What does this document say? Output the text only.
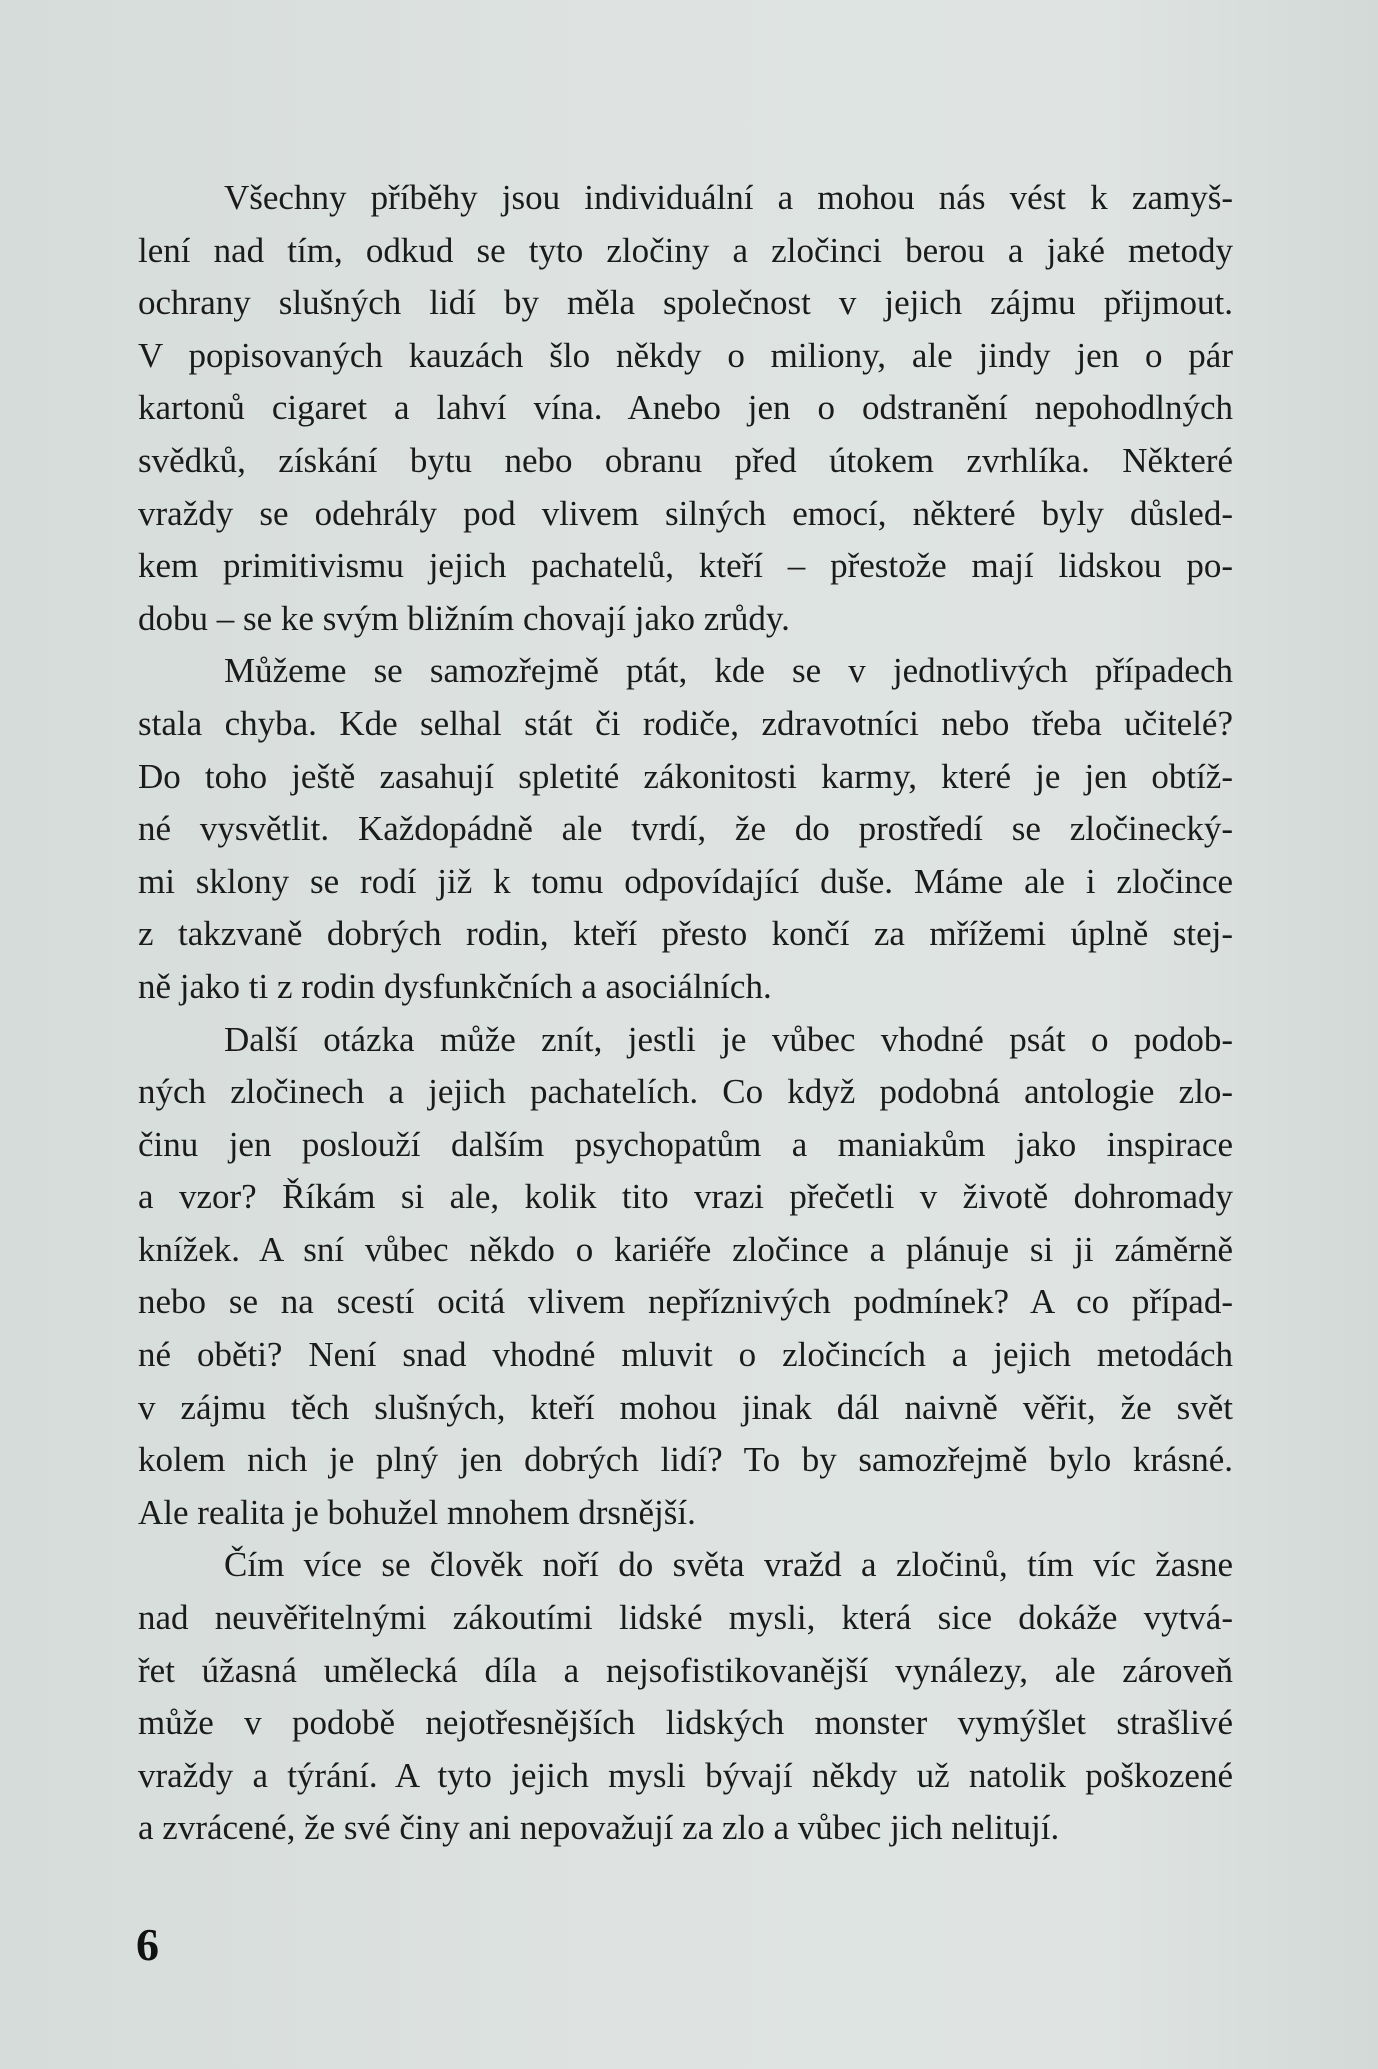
Všechny příběhy jsou individuální a mohou nás vést k zamyš-
lení nad tím, odkud se tyto zločiny a zločinci berou a jaké metody
ochrany slušných lidí by měla společnost v jejich zájmu přijmout.
V popisovaných kauzách šlo někdy o miliony, ale jindy jen o pár
kartonů cigaret a lahví vína. Anebo jen o odstranění nepohodlných
svědků, získání bytu nebo obranu před útokem zvrhlíka. Některé
vraždy se odehrály pod vlivem silných emocí, některé byly důsled-
kem primitivismu jejich pachatelů, kteří – přestože mají lidskou po-
dobu – se ke svým bližním chovají jako zrůdy.
Můžeme se samozřejmě ptát, kde se v jednotlivých případech
stala chyba. Kde selhal stát či rodiče, zdravotníci nebo třeba učitelé?
Do toho ještě zasahují spletité zákonitosti karmy, které je jen obtíž-
né vysvětlit. Každopádně ale tvrdí, že do prostředí se zločinecký-
mi sklony se rodí již k tomu odpovídající duše. Máme ale i zločince
z takzvaně dobrých rodin, kteří přesto končí za mřížemi úplně stej-
ně jako ti z rodin dysfunkčních a asociálních.
Další otázka může znít, jestli je vůbec vhodné psát o podob-
ných zločinech a jejich pachatelích. Co když podobná antologie zlo-
činu jen poslouží dalším psychopatům a maniakům jako inspirace
a vzor? Říkám si ale, kolik tito vrazi přečetli v životě dohromady
knížek. A sní vůbec někdo o kariéře zločince a plánuje si ji záměrně
nebo se na scestí ocitá vlivem nepříznivých podmínek? A co případ-
né oběti? Není snad vhodné mluvit o zločincích a jejich metodách
v zájmu těch slušných, kteří mohou jinak dál naivně věřit, že svět
kolem nich je plný jen dobrých lidí? To by samozřejmě bylo krásné.
Ale realita je bohužel mnohem drsnější.
Čím více se člověk noří do světa vražd a zločinů, tím víc žasne
nad neuvěřitelnými zákoutími lidské mysli, která sice dokáže vytvá-
řet úžasná umělecká díla a nejsofistikovanější vynálezy, ale zároveň
může v podobě nejotřesnějších lidských monster vymýšlet strašlivé
vraždy a týrání. A tyto jejich mysli bývají někdy už natolik poškozené
a zvrácené, že své činy ani nepovažují za zlo a vůbec jich nelitují.
6
